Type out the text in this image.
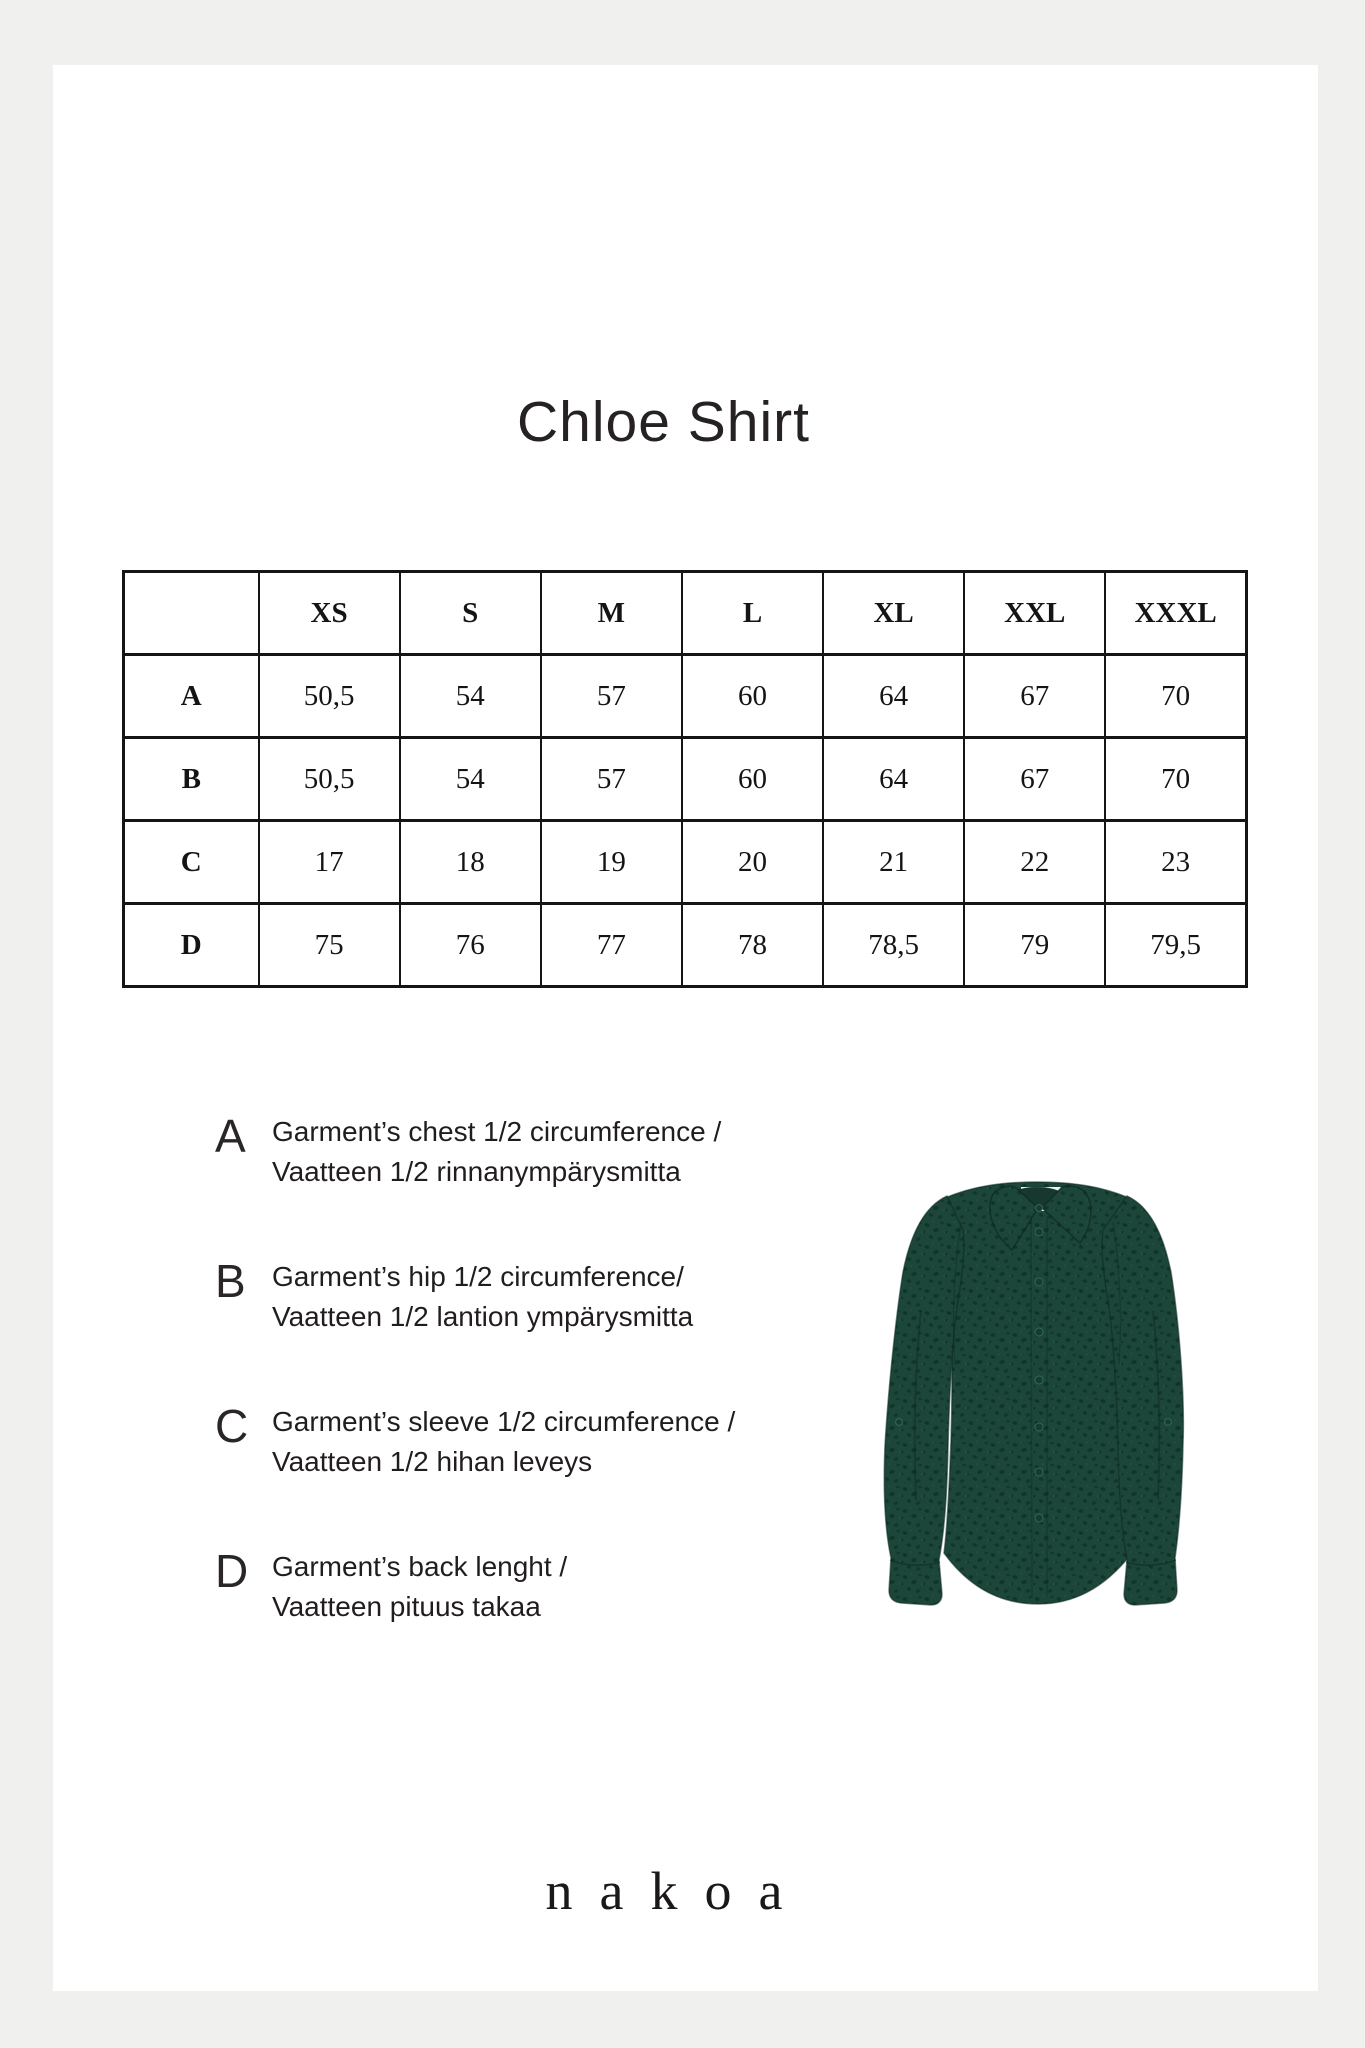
Chloe Shirt
	XS	S	M	L	XL	XXL	XXXL
A	50,5	54	57	60	64	67	70
B	50,5	54	57	60	64	67	70
C	17	18	19	20	21	22	23
D	75	76	77	78	78,5	79	79,5
A Garment’s chest 1/2 circumference /
Vaatteen 1/2 rinnanympärysmitta
B Garment’s hip 1/2 circumference/
Vaatteen 1/2 lantion ympärysmitta
C Garment’s sleeve 1/2 circumference /
Vaatteen 1/2 hihan leveys
D Garment’s back lenght /
Vaatteen pituus takaa
nakoa
